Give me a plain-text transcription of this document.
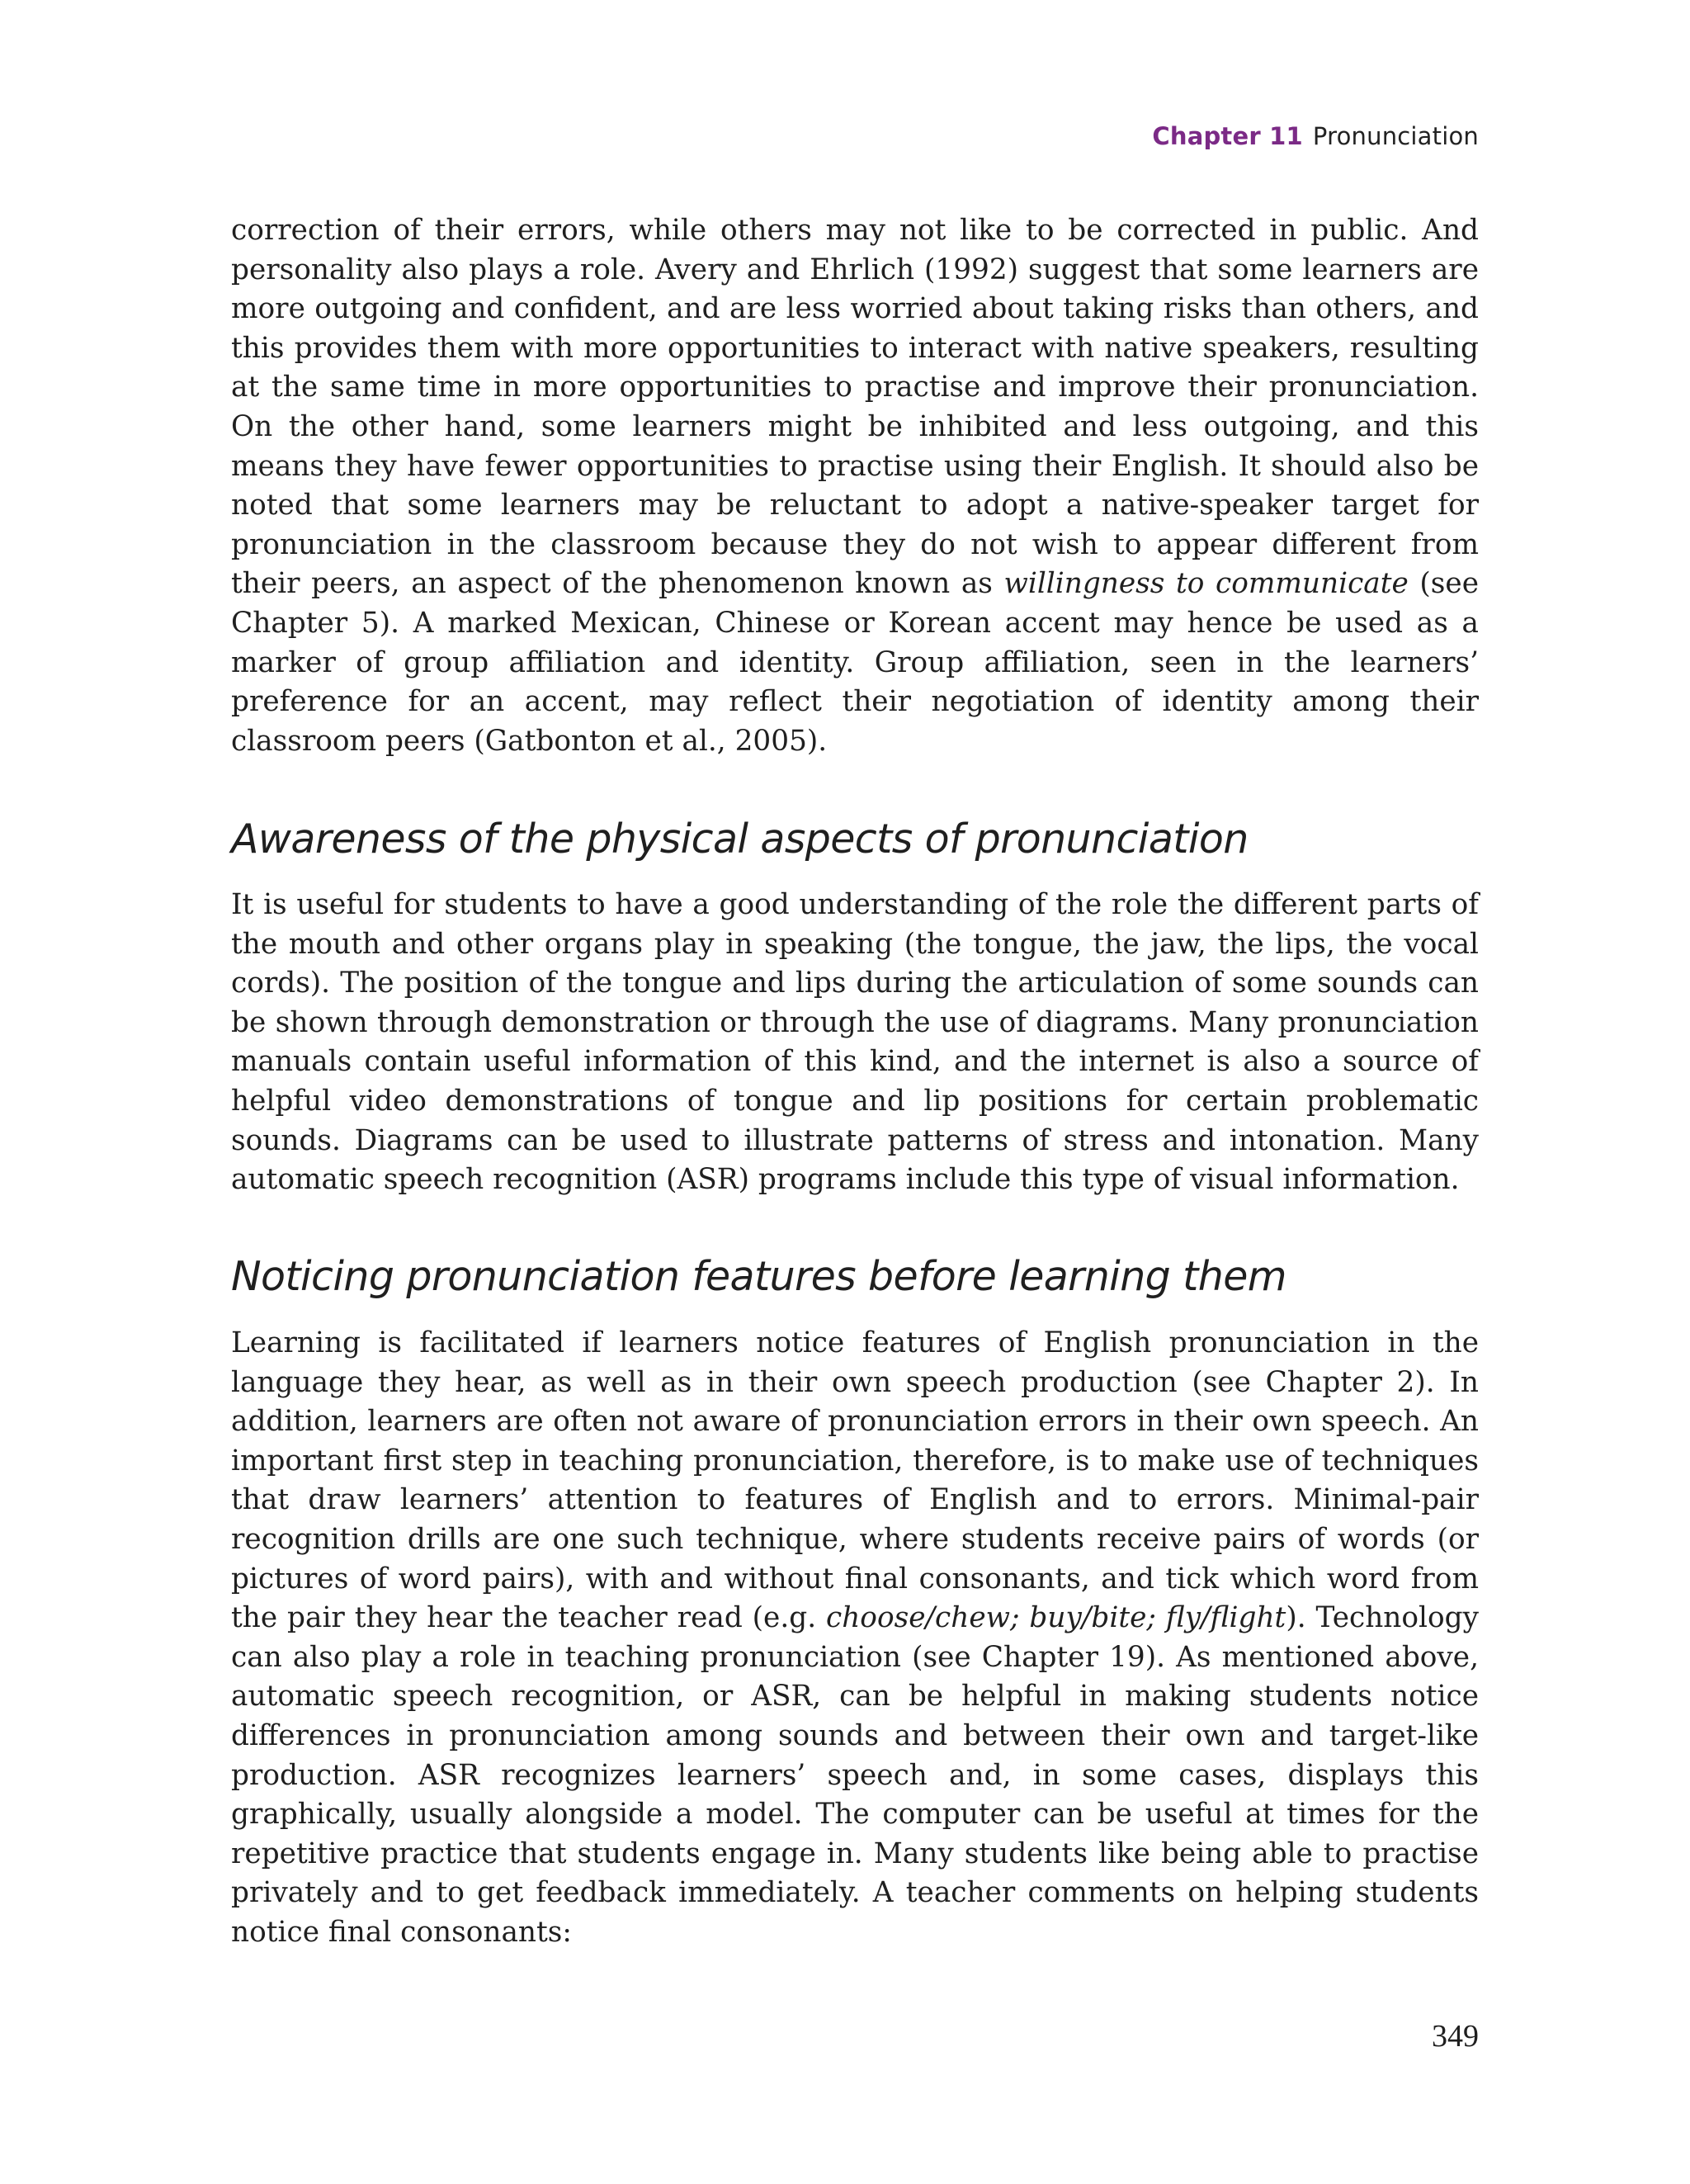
Chapter 11 Pronunciation

correction of their errors, while others may not like to be corrected in public. And personality also plays a role. Avery and Ehrlich (1992) suggest that some learners are more outgoing and confident, and are less worried about taking risks than others, and this provides them with more opportunities to interact with native speakers, resulting at the same time in more opportunities to practise and improve their pronunciation. On the other hand, some learners might be inhibited and less outgoing, and this means they have fewer opportunities to practise using their English. It should also be noted that some learners may be reluctant to adopt a native-speaker target for pronunciation in the classroom because they do not wish to appear different from their peers, an aspect of the phenomenon known as willingness to communicate (see Chapter 5). A marked Mexican, Chinese or Korean accent may hence be used as a marker of group affiliation and identity. Group affiliation, seen in the learners’ preference for an accent, may reflect their negotiation of identity among their classroom peers (Gatbonton et al., 2005).

Awareness of the physical aspects of pronunciation

It is useful for students to have a good understanding of the role the different parts of the mouth and other organs play in speaking (the tongue, the jaw, the lips, the vocal cords). The position of the tongue and lips during the articulation of some sounds can be shown through demonstration or through the use of diagrams. Many pronunciation manuals contain useful information of this kind, and the internet is also a source of helpful video demonstrations of tongue and lip positions for certain problematic sounds. Diagrams can be used to illustrate patterns of stress and intonation. Many automatic speech recognition (ASR) programs include this type of visual information.

Noticing pronunciation features before learning them

Learning is facilitated if learners notice features of English pronunciation in the language they hear, as well as in their own speech production (see Chapter 2). In addition, learners are often not aware of pronunciation errors in their own speech. An important first step in teaching pronunciation, therefore, is to make use of techniques that draw learners’ attention to features of English and to errors. Minimal-pair recognition drills are one such technique, where students receive pairs of words (or pictures of word pairs), with and without final consonants, and tick which word from the pair they hear the teacher read (e.g. choose/chew; buy/bite; fly/flight). Technology can also play a role in teaching pronunciation (see Chapter 19). As mentioned above, automatic speech recognition, or ASR, can be helpful in making students notice differences in pronunciation among sounds and between their own and target-like production. ASR recognizes learners’ speech and, in some cases, displays this graphically, usually alongside a model. The computer can be useful at times for the repetitive practice that students engage in. Many students like being able to practise privately and to get feedback immediately. A teacher comments on helping students notice final consonants:

349
